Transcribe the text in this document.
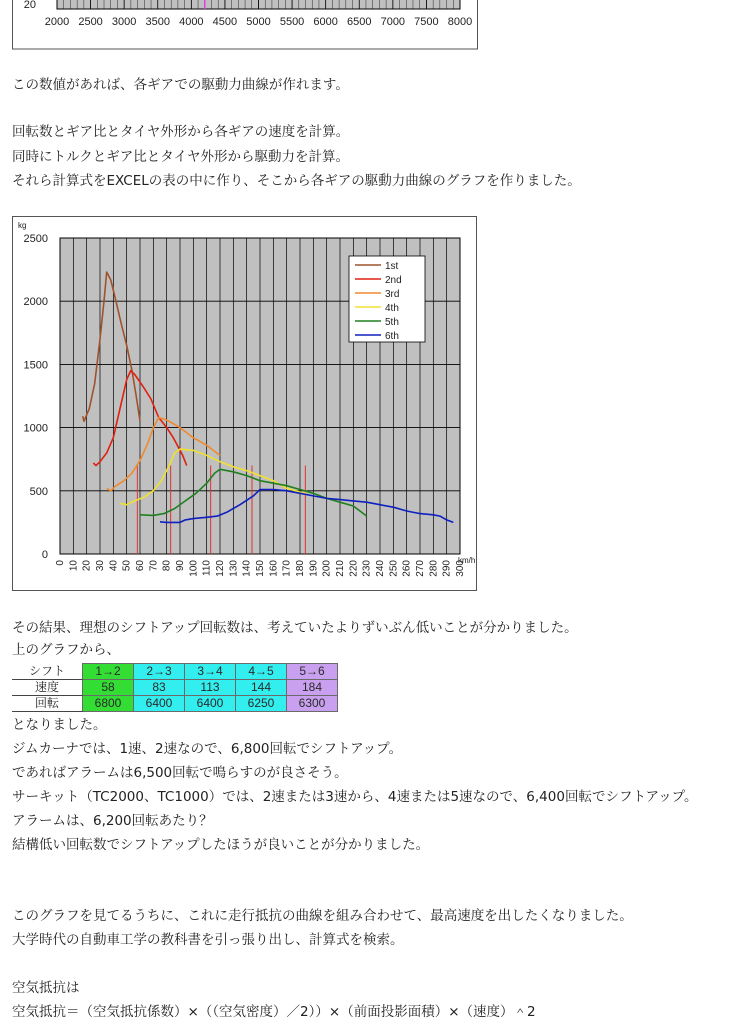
20
2000 2500 3000 3500 4000 4500 5000 5500 6000 6500 7000 7500 8000

この数値があれば、各ギアでの駆動力曲線が作れます。

回転数とギア比とタイヤ外形から各ギアの速度を計算。

同時にトルクとギア比とタイヤ外形から駆動力を計算。

それら計算式をEXCELの表の中に作り、そこから各ギアの駆動力曲線のグラフを作りました。

kg
km/h
0
500
1000
1500
2000
2500
0 10 20 30 40 50 60 70 80 90 100 110 120 130 140 150 160 170 180 190 200 210 220 230 240 250 260 270 280 290 300
1st
2nd
3rd
4th
5th
6th

その結果、理想のシフトアップ回転数は、考えていたよりずいぶん低いことが分かりました。

上のグラフから、

シフト	1→2	2→3	3→4	4→5	5→6
速度	58	83	113	144	184
回転	6800	6400	6400	6250	6300

となりました。

ジムカーナでは、1速、2速なので、6,800回転でシフトアップ。

であればアラームは6,500回転で鳴らすのが良さそう。

サーキット（TC2000、TC1000）では、2速または3速から、4速または5速なので、6,400回転でシフトアップ。

アラームは、6,200回転あたり？

結構低い回転数でシフトアップしたほうが良いことが分かりました。

このグラフを見てるうちに、これに走行抵抗の曲線を組み合わせて、最高速度を出したくなりました。

大学時代の自動車工学の教科書を引っ張り出し、計算式を検索。

空気抵抗は

空気抵抗＝（空気抵抗係数）×（（空気密度）／2））×（前面投影面積）×（速度）＾2
